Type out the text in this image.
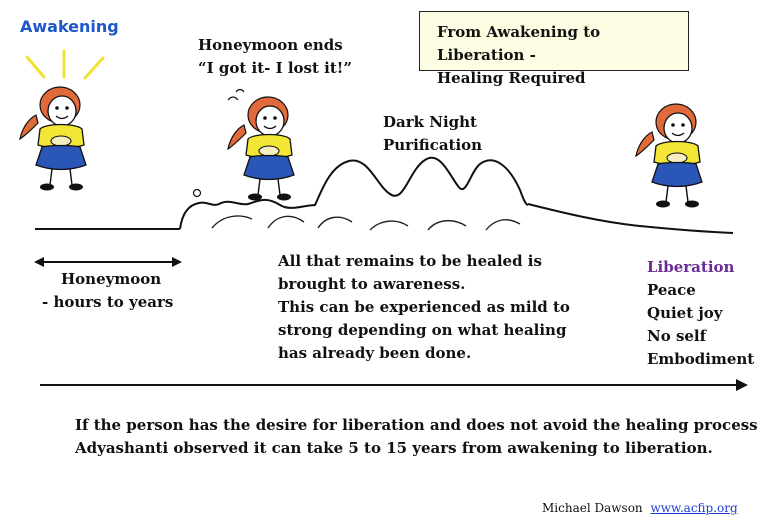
Awakening
Honeymoon ends
“I got it- I lost it!”
From Awakening to Liberation -
Healing Required
Dark Night
Purification
Honeymoon
- hours to years
All that remains to be healed is
brought to awareness.
This can be experienced as mild to
strong depending on what healing
has already been done.
Liberation
Peace
Quiet joy
No self
Embodiment
If the person has the desire for liberation and does not avoid the healing process
Adyashanti observed it can take 5 to 15 years from awakening to liberation.
Michael Dawson www.acfip.org
